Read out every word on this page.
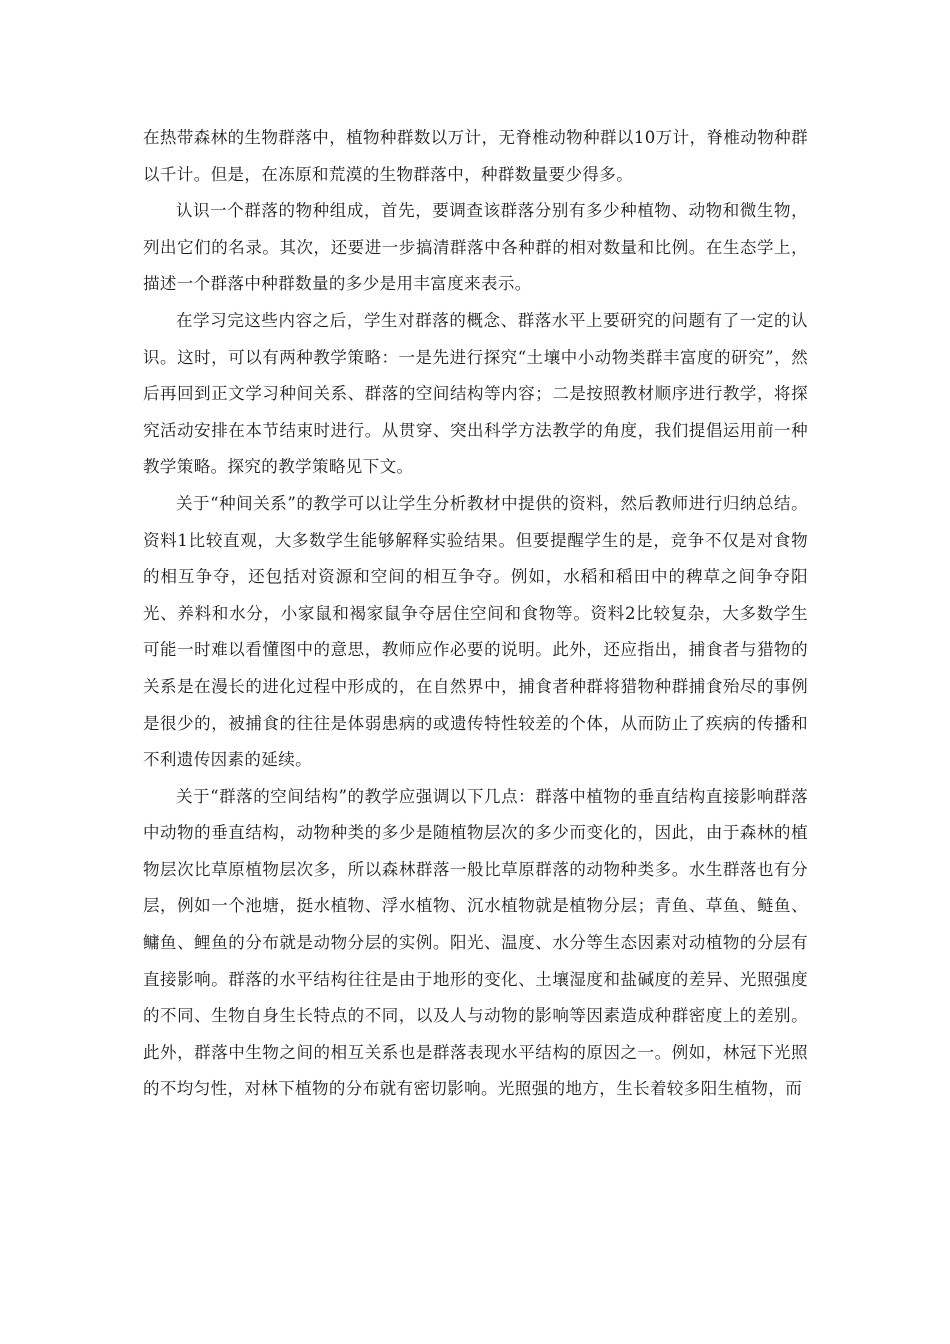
在热带森林的生物群落中，植物种群数以万计，无脊椎动物种群以10万计，脊椎动物种群以千计。但是，在冻原和荒漠的生物群落中，种群数量要少得多。

认识一个群落的物种组成，首先，要调查该群落分别有多少种植物、动物和微生物，列出它们的名录。其次，还要进一步搞清群落中各种群的相对数量和比例。在生态学上，描述一个群落中种群数量的多少是用丰富度来表示。

在学习完这些内容之后，学生对群落的概念、群落水平上要研究的问题有了一定的认识。这时，可以有两种教学策略：一是先进行探究“土壤中小动物类群丰富度的研究”，然后再回到正文学习种间关系、群落的空间结构等内容；二是按照教材顺序进行教学，将探究活动安排在本节结束时进行。从贯穿、突出科学方法教学的角度，我们提倡运用前一种教学策略。探究的教学策略见下文。

关于“种间关系”的教学可以让学生分析教材中提供的资料，然后教师进行归纳总结。资料1比较直观，大多数学生能够解释实验结果。但要提醒学生的是，竞争不仅是对食物的相互争夺，还包括对资源和空间的相互争夺。例如，水稻和稻田中的稗草之间争夺阳光、养料和水分，小家鼠和褐家鼠争夺居住空间和食物等。资料2比较复杂，大多数学生可能一时难以看懂图中的意思，教师应作必要的说明。此外，还应指出，捕食者与猎物的关系是在漫长的进化过程中形成的，在自然界中，捕食者种群将猎物种群捕食殆尽的事例是很少的，被捕食的往往是体弱患病的或遗传特性较差的个体，从而防止了疾病的传播和不利遗传因素的延续。

关于“群落的空间结构”的教学应强调以下几点：群落中植物的垂直结构直接影响群落中动物的垂直结构，动物种类的多少是随植物层次的多少而变化的，因此，由于森林的植物层次比草原植物层次多，所以森林群落一般比草原群落的动物种类多。水生群落也有分层，例如一个池塘，挺水植物、浮水植物、沉水植物就是植物分层；青鱼、草鱼、鲢鱼、鳙鱼、鲤鱼的分布就是动物分层的实例。阳光、温度、水分等生态因素对动植物的分层有直接影响。群落的水平结构往往是由于地形的变化、土壤湿度和盐碱度的差异、光照强度的不同、生物自身生长特点的不同，以及人与动物的影响等因素造成种群密度上的差别。此外，群落中生物之间的相互关系也是群落表现水平结构的原因之一。例如，林冠下光照的不均匀性，对林下植物的分布就有密切影响。光照强的地方，生长着较多阳生植物，而
